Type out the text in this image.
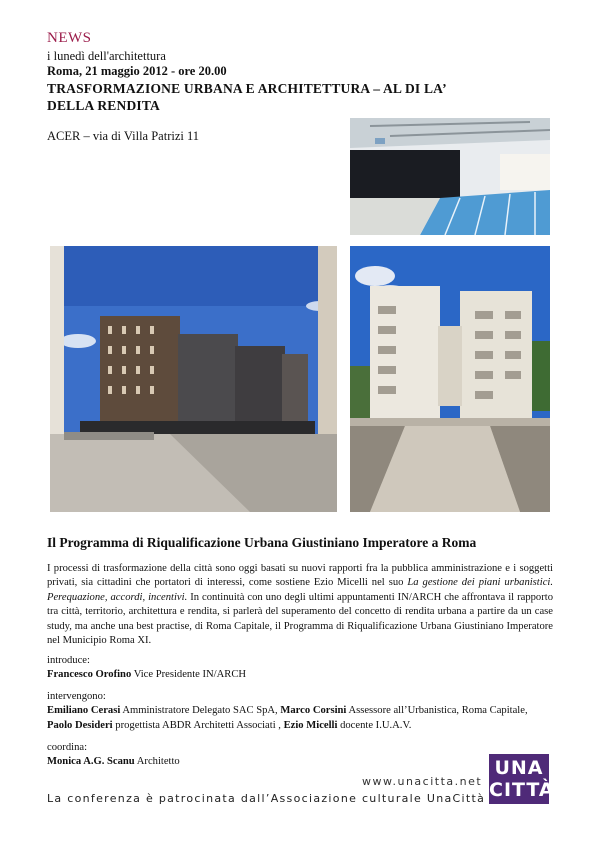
NEWS
i lunedì dell'architettura
Roma, 21 maggio 2012 - ore 20.00
TRASFORMAZIONE URBANA E ARCHITETTURA – AL DI LA’
DELLA RENDITA
ACER – via di Villa Patrizi 11
Il Programma di Riqualificazione Urbana Giustiniano Imperatore a Roma
I processi di trasformazione della città sono oggi basati su nuovi rapporti fra la pubblica amministrazione e i soggetti privati, sia cittadini che portatori di interessi, come sostiene Ezio Micelli nel suo La gestione dei piani urbanistici. Perequazione, accordi, incentivi. In continuità con uno degli ultimi appuntamenti IN/ARCH che affrontava il rapporto tra città, territorio, architettura e rendita, si parlerà del superamento del concetto di rendita urbana a partire da un case study, ma anche una best practise, di Roma Capitale, il Programma di Riqualificazione Urbana Giustiniano Imperatore nel Municipio Roma XI.
introduce:
Francesco Orofino Vice Presidente IN/ARCH
intervengono:
Emiliano Cerasi Amministratore Delegato SAC SpA, Marco Corsini Assessore all’Urbanistica, Roma Capitale, Paolo Desideri progettista ABDR Architetti Associati , Ezio Micelli docente I.U.A.V.
coordina:
Monica A.G. Scanu Architetto
www.unacitta.net
La conferenza è patrocinata dall’Associazione culturale UnaCittà
UNA
CITTÀ
